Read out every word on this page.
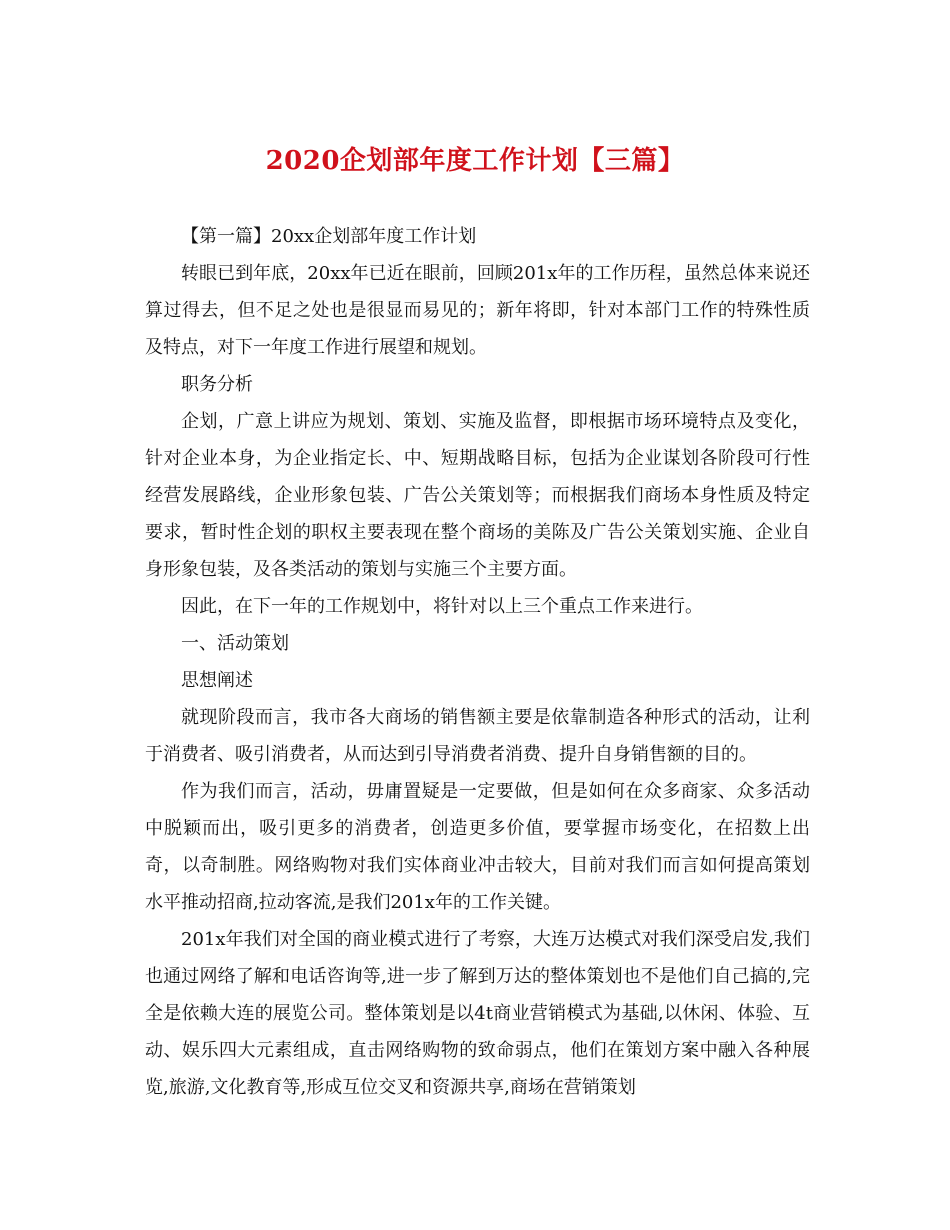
2020企划部年度工作计划【三篇】

【第一篇】20xx企划部年度工作计划

转眼已到年底，20xx年已近在眼前，回顾201x年的工作历程，虽然总体来说还算过得去，但不足之处也是很显而易见的；新年将即，针对本部门工作的特殊性质及特点，对下一年度工作进行展望和规划。

职务分析

企划，广意上讲应为规划、策划、实施及监督，即根据市场环境特点及变化，针对企业本身，为企业指定长、中、短期战略目标，包括为企业谋划各阶段可行性经营发展路线，企业形象包装、广告公关策划等；而根据我们商场本身性质及特定要求，暂时性企划的职权主要表现在整个商场的美陈及广告公关策划实施、企业自身形象包装，及各类活动的策划与实施三个主要方面。

因此，在下一年的工作规划中，将针对以上三个重点工作来进行。

一、活动策划

思想阐述

就现阶段而言，我市各大商场的销售额主要是依靠制造各种形式的活动，让利于消费者、吸引消费者，从而达到引导消费者消费、提升自身销售额的目的。

作为我们而言，活动，毋庸置疑是一定要做，但是如何在众多商家、众多活动中脱颖而出，吸引更多的消费者，创造更多价值，要掌握市场变化，在招数上出奇，以奇制胜。网络购物对我们实体商业冲击较大，目前对我们而言如何提高策划水平推动招商,拉动客流,是我们201x年的工作关键。

201x年我们对全国的商业模式进行了考察，大连万达模式对我们深受启发,我们也通过网络了解和电话咨询等,进一步了解到万达的整体策划也不是他们自己搞的,完全是依赖大连的展览公司。整体策划是以4t商业营销模式为基础,以休闲、体验、互动、娱乐四大元素组成，直击网络购物的致命弱点，他们在策划方案中融入各种展览,旅游,文化教育等,形成互位交叉和资源共享,商场在营销策划
